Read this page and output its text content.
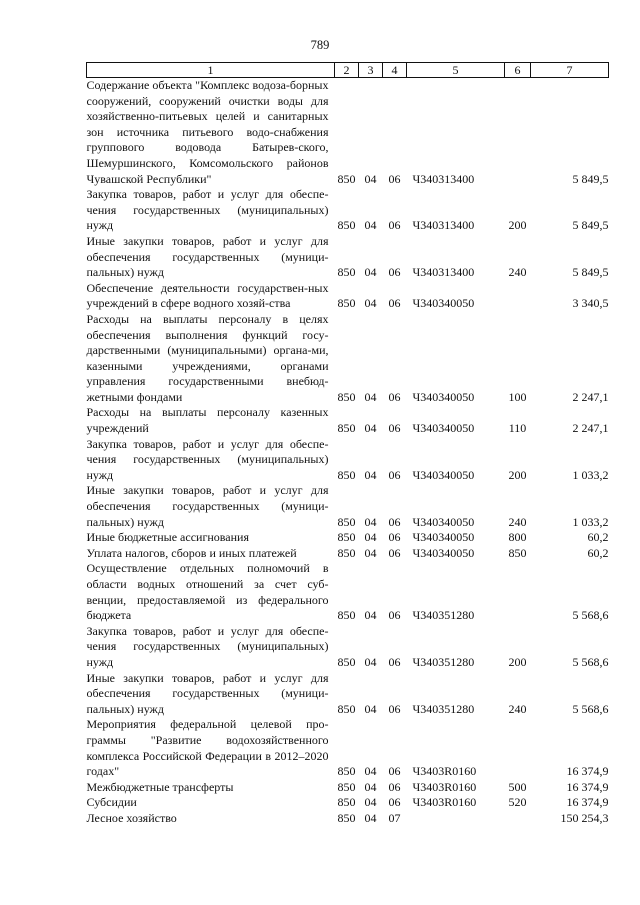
789
1	2	3	4	5	6	7
Содержание объекта "Комплекс водоза-борных сооружений, сооружений очистки воды для хозяйственно-питьевых целей и санитарных зон источника питьевого водо-снабжения группового водовода Батырев-ского, Шемуршинского, Комсомольского районов Чувашской Республики"	850	04	06	Ч340313400		5 849,5
Закупка товаров, работ и услуг для обеспе-чения государственных (муниципальных) нужд	850	04	06	Ч340313400	200	5 849,5
Иные закупки товаров, работ и услуг для обеспечения государственных (муници-пальных) нужд	850	04	06	Ч340313400	240	5 849,5
Обеспечение деятельности государствен-ных учреждений в сфере водного хозяй-ства	850	04	06	Ч340340050		3 340,5
Расходы на выплаты персоналу в целях обеспечения выполнения функций госу-дарственными (муниципальными) органа-ми, казенными учреждениями, органами управления государственными внебюд-жетными фондами	850	04	06	Ч340340050	100	2 247,1
Расходы на выплаты персоналу казенных учреждений	850	04	06	Ч340340050	110	2 247,1
Закупка товаров, работ и услуг для обеспе-чения государственных (муниципальных) нужд	850	04	06	Ч340340050	200	1 033,2
Иные закупки товаров, работ и услуг для обеспечения государственных (муници-пальных) нужд	850	04	06	Ч340340050	240	1 033,2
Иные бюджетные ассигнования	850	04	06	Ч340340050	800	60,2
Уплата налогов, сборов и иных платежей	850	04	06	Ч340340050	850	60,2
Осуществление отдельных полномочий в области водных отношений за счет суб-венции, предоставляемой из федерального бюджета	850	04	06	Ч340351280		5 568,6
Закупка товаров, работ и услуг для обеспе-чения государственных (муниципальных) нужд	850	04	06	Ч340351280	200	5 568,6
Иные закупки товаров, работ и услуг для обеспечения государственных (муници-пальных) нужд	850	04	06	Ч340351280	240	5 568,6
Мероприятия федеральной целевой про-граммы "Развитие водохозяйственного комплекса Российской Федерации в 2012–2020 годах"	850	04	06	Ч3403R0160		16 374,9
Межбюджетные трансферты	850	04	06	Ч3403R0160	500	16 374,9
Субсидии	850	04	06	Ч3403R0160	520	16 374,9
Лесное хозяйство	850	04	07			150 254,3
